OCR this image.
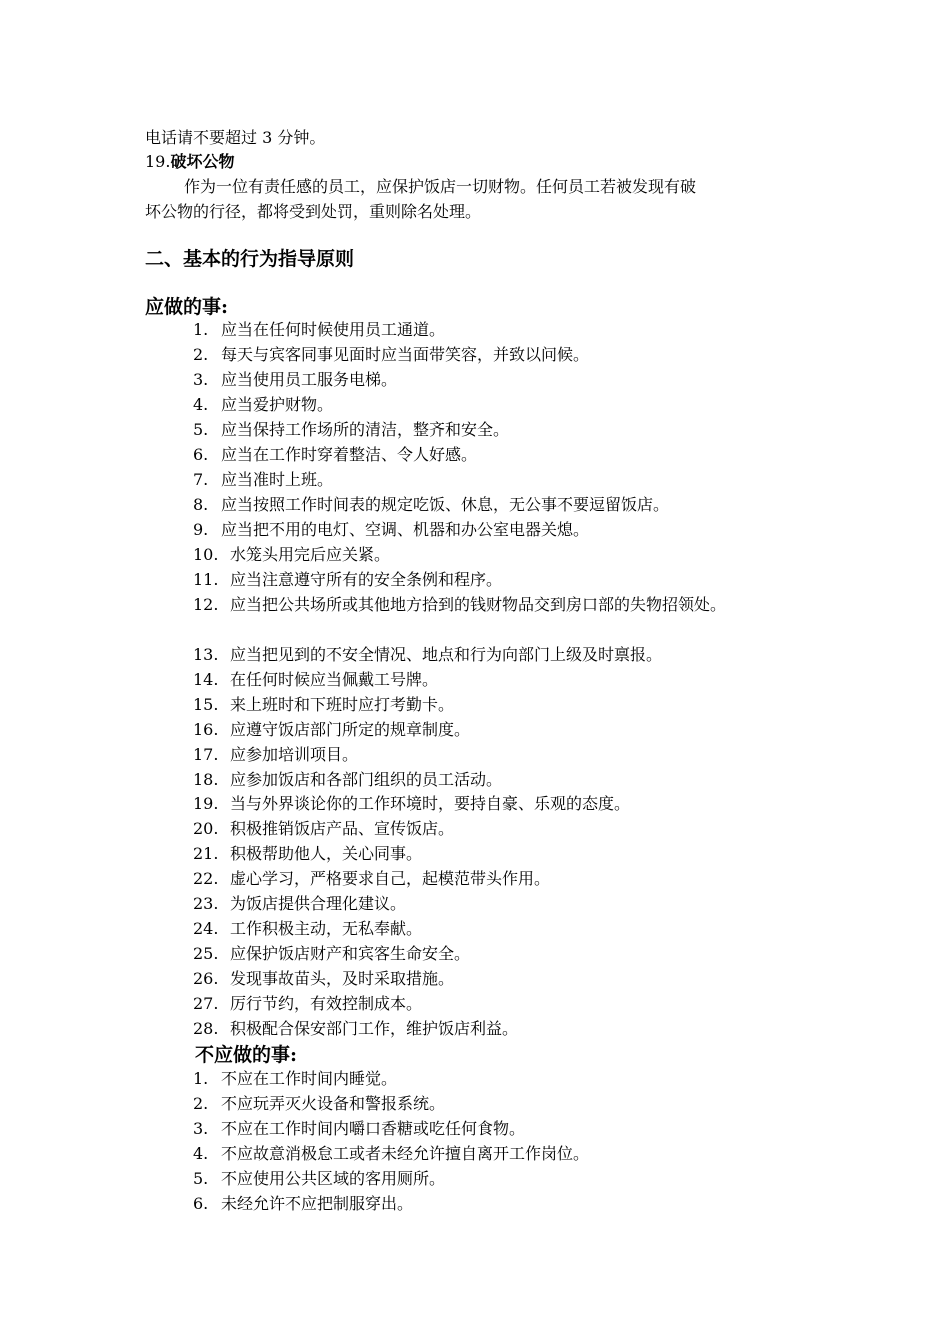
电话请不要超过 3 分钟。
19.破坏公物
作为一位有责任感的员工，应保护饭店一切财物。任何员工若被发现有破
坏公物的行径，都将受到处罚，重则除名处理。
二、基本的行为指导原则
应做的事:
1. 应当在任何时候使用员工通道。
2. 每天与宾客同事见面时应当面带笑容，并致以问候。
3. 应当使用员工服务电梯。
4. 应当爱护财物。
5. 应当保持工作场所的清洁，整齐和安全。
6. 应当在工作时穿着整洁、令人好感。
7. 应当准时上班。
8. 应当按照工作时间表的规定吃饭、休息，无公事不要逗留饭店。
9. 应当把不用的电灯、空调、机器和办公室电器关熄。
10. 水笼头用完后应关紧。
11. 应当注意遵守所有的安全条例和程序。
12. 应当把公共场所或其他地方拾到的钱财物品交到房口部的失物招领处。
13. 应当把见到的不安全情况、地点和行为向部门上级及时禀报。
14. 在任何时候应当佩戴工号牌。
15. 来上班时和下班时应打考勤卡。
16. 应遵守饭店部门所定的规章制度。
17. 应参加培训项目。
18. 应参加饭店和各部门组织的员工活动。
19. 当与外界谈论你的工作环境时，要持自豪、乐观的态度。
20. 积极推销饭店产品、宣传饭店。
21. 积极帮助他人，关心同事。
22. 虚心学习，严格要求自己，起模范带头作用。
23. 为饭店提供合理化建议。
24. 工作积极主动，无私奉献。
25. 应保护饭店财产和宾客生命安全。
26. 发现事故苗头，及时采取措施。
27. 厉行节约，有效控制成本。
28. 积极配合保安部门工作，维护饭店利益。
不应做的事:
1. 不应在工作时间内睡觉。
2. 不应玩弄灭火设备和警报系统。
3. 不应在工作时间内嚼口香糖或吃任何食物。
4. 不应故意消极怠工或者未经允许擅自离开工作岗位。
5. 不应使用公共区域的客用厕所。
6. 未经允许不应把制服穿出。
